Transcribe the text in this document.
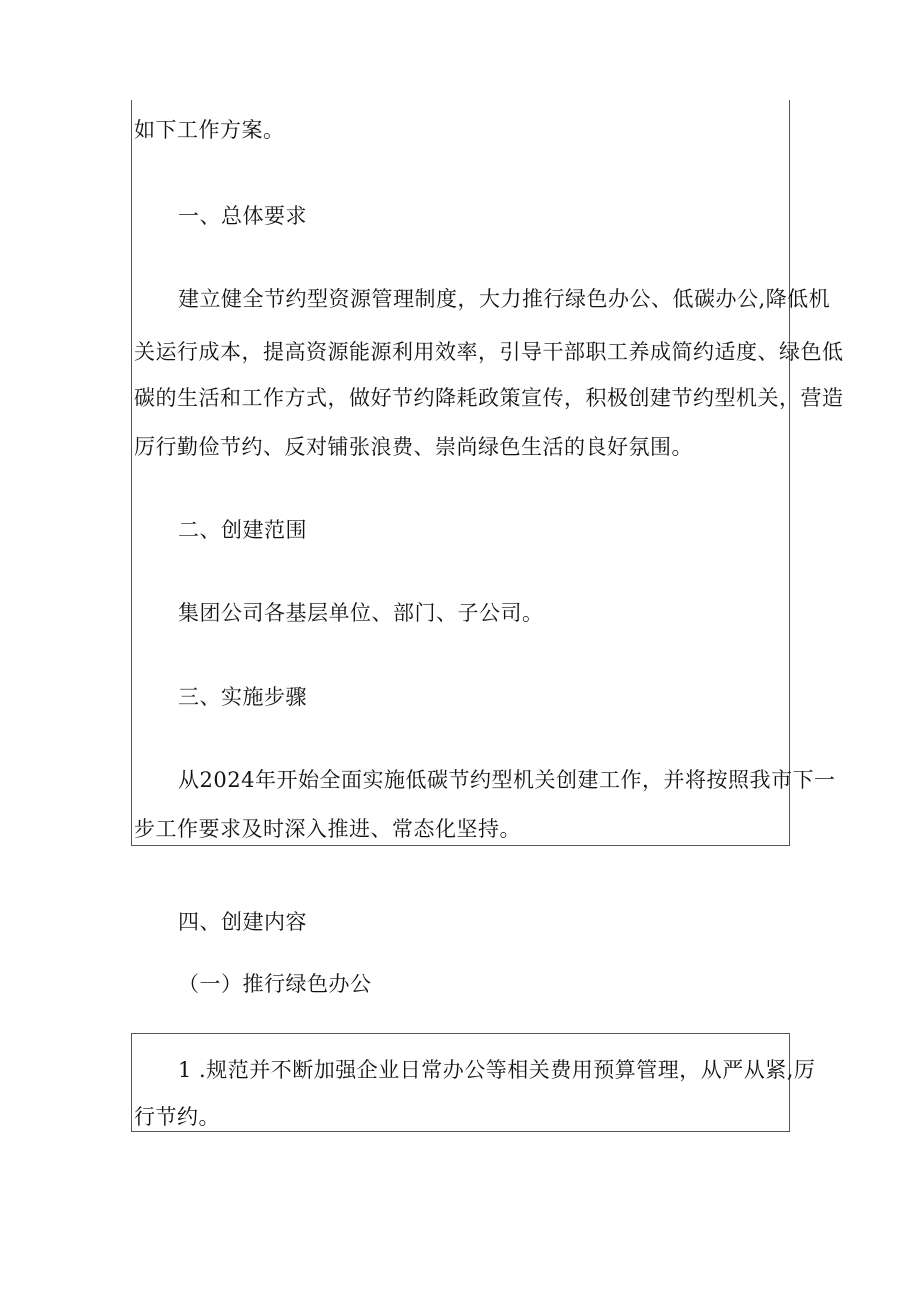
如下工作方案。
一、总体要求
建立健全节约型资源管理制度，大力推行绿色办公、低碳办公,降低机
关运行成本，提高资源能源利用效率，引导干部职工养成简约适度、绿色低
碳的生活和工作方式，做好节约降耗政策宣传，积极创建节约型机关，营造
厉行勤俭节约、反对铺张浪费、崇尚绿色生活的良好氛围。
二、创建范围
集团公司各基层单位、部门、子公司。
三、实施步骤
从2024年开始全面实施低碳节约型机关创建工作，并将按照我市下一
步工作要求及时深入推进、常态化坚持。
四、创建内容
（一）推行绿色办公
1 .规范并不断加强企业日常办公等相关费用预算管理，从严从紧,厉
行节约。
